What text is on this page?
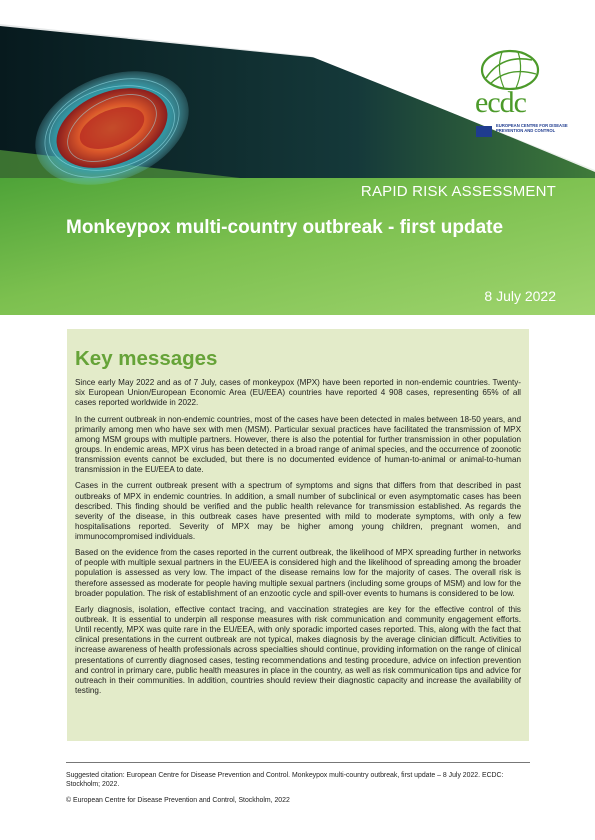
ecdc
EUROPEAN CENTRE FOR DISEASE PREVENTION AND CONTROL
RAPID RISK ASSESSMENT
Monkeypox multi-country outbreak - first update
8 July 2022
Key messages

Since early May 2022 and as of 7 July, cases of monkeypox (MPX) have been reported in non-endemic countries. Twenty-six European Union/European Economic Area (EU/EEA) countries have reported 4 908 cases, representing 65% of all cases reported worldwide in 2022.

In the current outbreak in non-endemic countries, most of the cases have been detected in males between 18-50 years, and primarily among men who have sex with men (MSM). Particular sexual practices have facilitated the transmission of MPX among MSM groups with multiple partners. However, there is also the potential for further transmission in other population groups. In endemic areas, MPX virus has been detected in a broad range of animal species, and the occurrence of zoonotic transmission events cannot be excluded, but there is no documented evidence of human-to-animal or animal-to-human transmission in the EU/EEA to date.

Cases in the current outbreak present with a spectrum of symptoms and signs that differs from that described in past outbreaks of MPX in endemic countries. In addition, a small number of subclinical or even asymptomatic cases has been described. This finding should be verified and the public health relevance for transmission established. As regards the severity of the disease, in this outbreak cases have presented with mild to moderate symptoms, with only a few hospitalisations reported. Severity of MPX may be higher among young children, pregnant women, and immunocompromised individuals.

Based on the evidence from the cases reported in the current outbreak, the likelihood of MPX spreading further in networks of people with multiple sexual partners in the EU/EEA is considered high and the likelihood of spreading among the broader population is assessed as very low. The impact of the disease remains low for the majority of cases. The overall risk is therefore assessed as moderate for people having multiple sexual partners (including some groups of MSM) and low for the broader population. The risk of establishment of an enzootic cycle and spill-over events to humans is considered to be low.

Early diagnosis, isolation, effective contact tracing, and vaccination strategies are key for the effective control of this outbreak. It is essential to underpin all response measures with risk communication and community engagement efforts. Until recently, MPX was quite rare in the EU/EEA, with only sporadic imported cases reported. This, along with the fact that clinical presentations in the current outbreak are not typical, makes diagnosis by the average clinician difficult. Activities to increase awareness of health professionals across specialties should continue, providing information on the range of clinical presentations of currently diagnosed cases, testing recommendations and testing procedure, advice on infection prevention and control in primary care, public health measures in place in the country, as well as risk communication tips and advice for outreach in their communities. In addition, countries should review their diagnostic capacity and increase the availability of testing.

Suggested citation: European Centre for Disease Prevention and Control. Monkeypox multi-country outbreak, first update – 8 July 2022. ECDC: Stockholm; 2022.
© European Centre for Disease Prevention and Control, Stockholm, 2022
